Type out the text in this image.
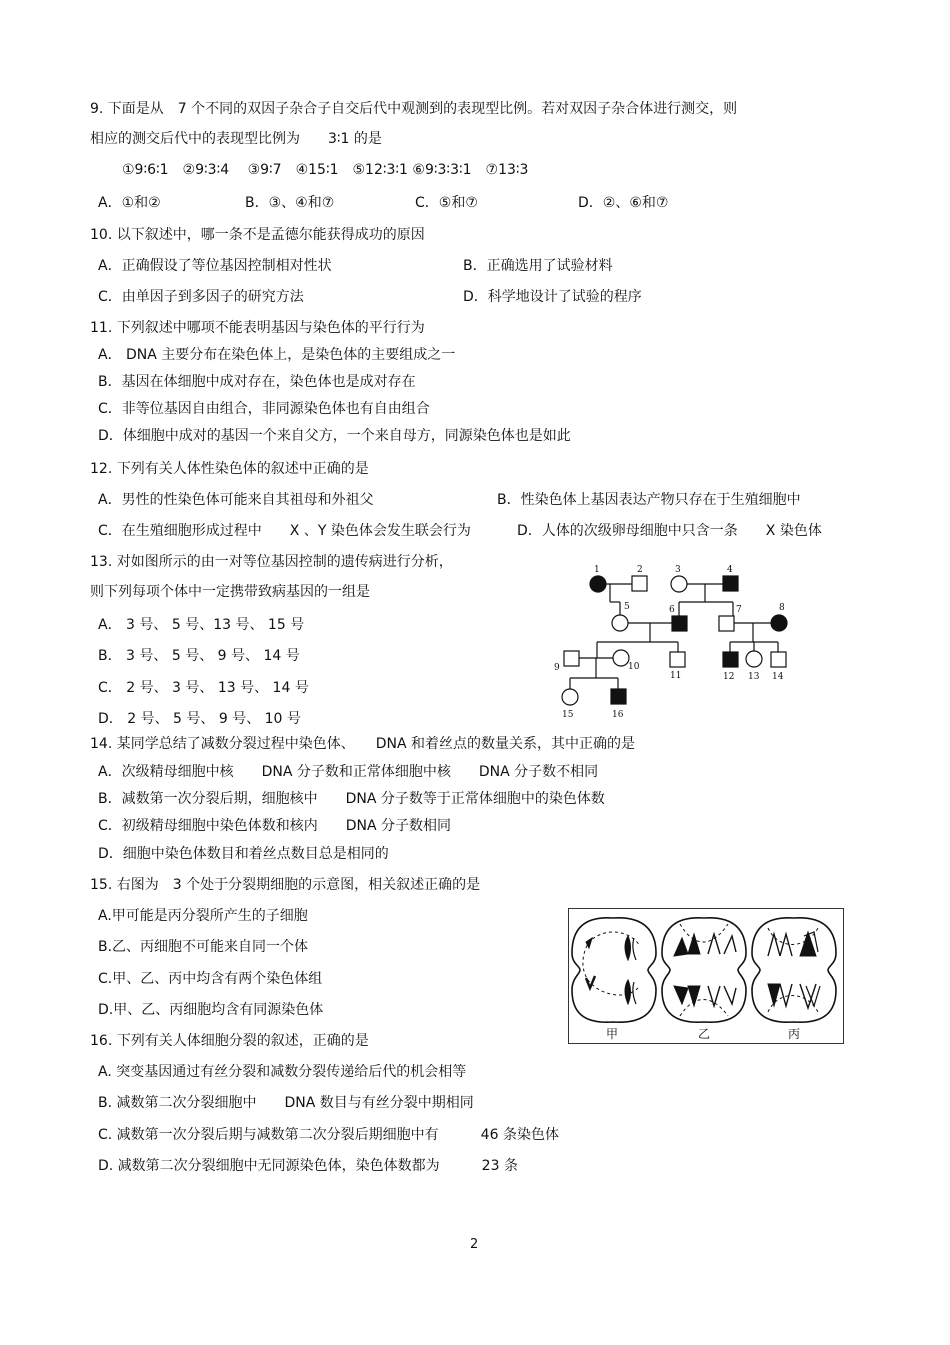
9. 下面是从　7 个不同的双因子杂合子自交后代中观测到的表现型比例。若对双因子杂合体进行测交，则
相应的测交后代中的表现型比例为　　3∶1 的是
①9∶6∶1　②9∶3∶4　 ③9∶7　④15∶1　⑤12∶3∶1 ⑥9∶3∶3∶1　⑦13∶3
A．①和②	B．③、④和⑦	C．⑤和⑦	D．②、⑥和⑦
10. 以下叙述中，哪一条不是孟德尔能获得成功的原因
A．正确假设了等位基因控制相对性状	B．正确选用了试验材料
C．由单因子到多因子的研究方法	D．科学地设计了试验的程序
11. 下列叙述中哪项不能表明基因与染色体的平行行为
A． DNA 主要分布在染色体上，是染色体的主要组成之一
B．基因在体细胞中成对存在，染色体也是成对存在
C．非等位基因自由组合，非同源染色体也有自由组合
D．体细胞中成对的基因一个来自父方，一个来自母方，同源染色体也是如此
12. 下列有关人体性染色体的叙述中正确的是
A．男性的性染色体可能来自其祖母和外祖父	B．性染色体上基因表达产物只存在于生殖细胞中
C．在生殖细胞形成过程中　　X 、Y 染色体会发生联会行为	D．人体的次级卵母细胞中只含一条　　X 染色体
13. 对如图所示的由一对等位基因控制的遗传病进行分析，
则下列每项个体中一定携带致病基因的一组是
A． 3 号、 5 号、13 号、 15 号
B． 3 号、 5 号、 9 号、 14 号
C． 2 号、 3 号、 13 号、 14 号
D． 2 号、 5 号、 9 号、 10 号
1	2	3	4
5	6	7	8
9	10
11	12 13 14
15	16
14. 某同学总结了减数分裂过程中染色体、　　DNA 和着丝点的数量关系，其中正确的是
A．次级精母细胞中核　　DNA 分子数和正常体细胞中核　　DNA 分子数不相同
B．减数第一次分裂后期，细胞核中　　DNA 分子数等于正常体细胞中的染色体数
C．初级精母细胞中染色体数和核内　　DNA 分子数相同
D．细胞中染色体数目和着丝点数目总是相同的
15. 右图为　3 个处于分裂期细胞的示意图，相关叙述正确的是
A.甲可能是丙分裂所产生的子细胞
B.乙、丙细胞不可能来自同一个体
C.甲、乙、丙中均含有两个染色体组
D.甲、乙、丙细胞均含有同源染色体
甲	乙	丙
16. 下列有关人体细胞分裂的叙述，正确的是
A. 突变基因通过有丝分裂和减数分裂传递给后代的机会相等
B. 减数第二次分裂细胞中　　DNA 数目与有丝分裂中期相同
C. 减数第一次分裂后期与减数第二次分裂后期细胞中有　　　46 条染色体
D. 减数第二次分裂细胞中无同源染色体，染色体数都为　　　23 条
2
